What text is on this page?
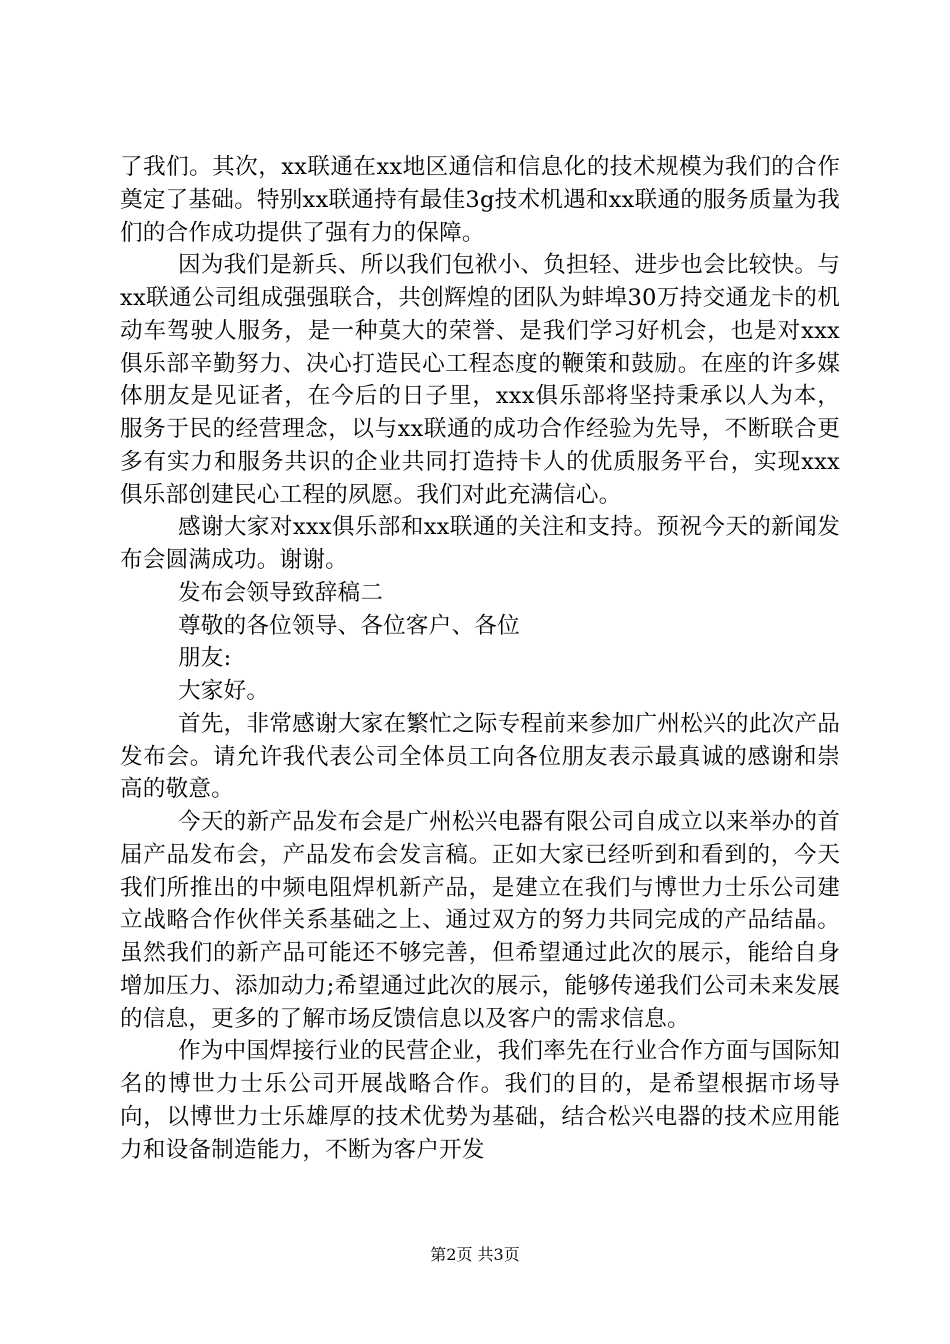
了我们。其次，xx联通在xx地区通信和信息化的技术规模为我们的合作奠定了基础。特别xx联通持有最佳3g技术机遇和xx联通的服务质量为我们的合作成功提供了强有力的保障。

因为我们是新兵、所以我们包袱小、负担轻、进步也会比较快。与xx联通公司组成强强联合，共创辉煌的团队为蚌埠30万持交通龙卡的机动车驾驶人服务，是一种莫大的荣誉、是我们学习好机会，也是对xxx俱乐部辛勤努力、决心打造民心工程态度的鞭策和鼓励。在座的许多媒体朋友是见证者，在今后的日子里，xxx俱乐部将坚持秉承以人为本，服务于民的经营理念，以与xx联通的成功合作经验为先导，不断联合更多有实力和服务共识的企业共同打造持卡人的优质服务平台，实现xxx俱乐部创建民心工程的夙愿。我们对此充满信心。

感谢大家对xxx俱乐部和xx联通的关注和支持。预祝今天的新闻发布会圆满成功。谢谢。

发布会领导致辞稿二

尊敬的各位领导、各位客户、各位

朋友:

大家好。

首先，非常感谢大家在繁忙之际专程前来参加广州松兴的此次产品发布会。请允许我代表公司全体员工向各位朋友表示最真诚的感谢和崇高的敬意。

今天的新产品发布会是广州松兴电器有限公司自成立以来举办的首届产品发布会，产品发布会发言稿。正如大家已经听到和看到的，今天我们所推出的中频电阻焊机新产品，是建立在我们与博世力士乐公司建立战略合作伙伴关系基础之上、通过双方的努力共同完成的产品结晶。虽然我们的新产品可能还不够完善，但希望通过此次的展示，能给自身增加压力、添加动力;希望通过此次的展示，能够传递我们公司未来发展的信息，更多的了解市场反馈信息以及客户的需求信息。

作为中国焊接行业的民营企业，我们率先在行业合作方面与国际知名的博世力士乐公司开展战略合作。我们的目的，是希望根据市场导向，以博世力士乐雄厚的技术优势为基础，结合松兴电器的技术应用能力和设备制造能力，不断为客户开发

第2页 共3页
